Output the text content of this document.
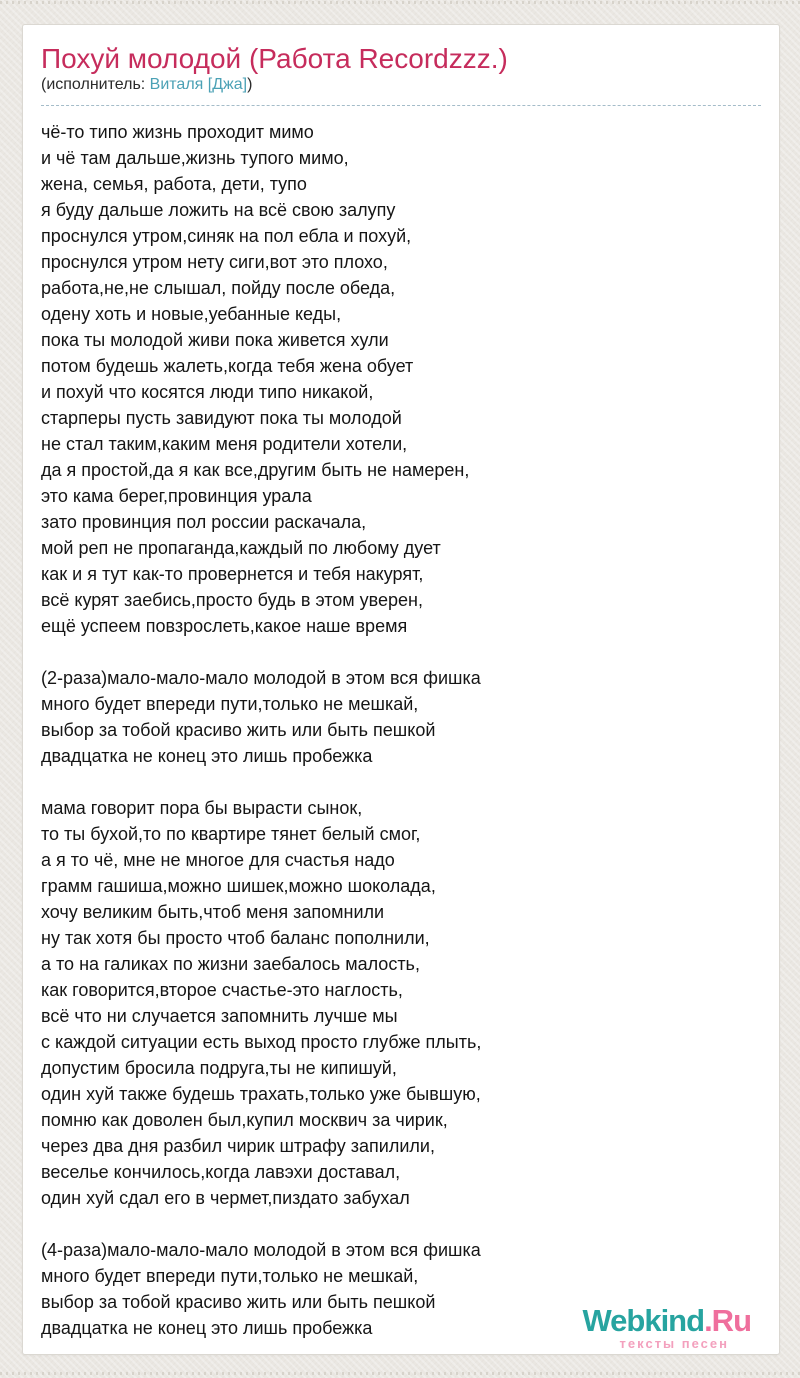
Похуй молодой (Работа Recordzzz.)
(исполнитель: Виталя [Джа])
чё-то типо жизнь проходит мимо
и чё там дальше,жизнь тупого мимо,
жена, семья, работа, дети, тупо
я буду дальше ложить на всё свою залупу
проснулся утром,синяк на пол ебла и похуй,
проснулся утром нету сиги,вот это плохо,
работа,не,не слышал, пойду после обеда,
одену хоть и новые,уебанные кеды,
пока ты молодой живи пока живется хули
потом будешь жалеть,когда тебя жена обует
и похуй что косятся люди типо никакой,
старперы пусть завидуют пока ты молодой
не стал таким,каким меня родители хотели,
да я простой,да я как все,другим быть не намерен,
это кама берег,провинция урала
зато провинция пол россии раскачала,
мой реп не пропаганда,каждый по любому дует
как и я тут как-то провернется и тебя накурят,
всё курят заебись,просто будь в этом уверен,
ещё успеем повзрослеть,какое наше время
(2-раза)мало-мало-мало молодой в этом вся фишка
много будет впереди пути,только не мешкай,
выбор за тобой красиво жить или быть пешкой
двадцатка не конец это лишь пробежка
мама говорит пора бы вырасти сынок,
то ты бухой,то по квартире тянет белый смог,
а я то чё, мне не многое для счастья надо
грамм гашиша,можно шишек,можно шоколада,
хочу великим быть,чтоб меня запомнили
ну так хотя бы просто чтоб баланс пополнили,
а то на галиках по жизни заебалось малость,
как говорится,второе счастье-это наглость,
всё что ни случается запомнить лучше мы
с каждой ситуации есть выход просто глубже плыть,
допустим бросила подруга,ты не кипишуй,
один хуй также будешь трахать,только уже бывшую,
помню как доволен был,купил москвич за чирик,
через два дня разбил чирик штрафу запилили,
веселье кончилось,когда лавэхи доставал,
один хуй сдал его в чермет,пиздато забухал
(4-раза)мало-мало-мало молодой в этом вся фишка
много будет впереди пути,только не мешкай,
выбор за тобой красиво жить или быть пешкой
двадцатка не конец это лишь пробежка	Webkind.Ru
тексты песен
